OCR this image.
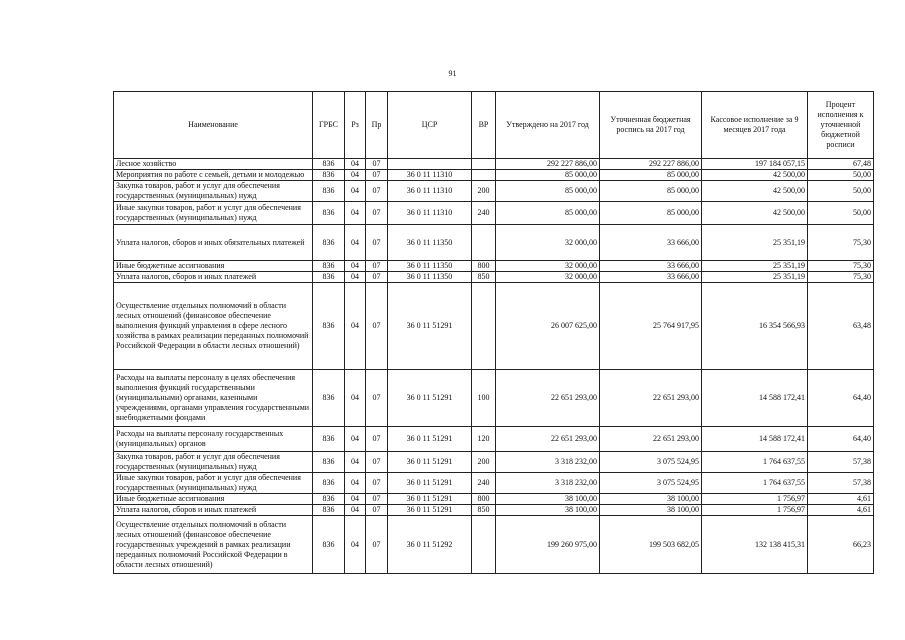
91
Наименование	ГРБС	Рз	Пр	ЦСР	ВР	Утверждено на 2017 год	Уточненная бюджетная роспись на 2017 год	Кассовое исполнение за 9 месяцев 2017 года	Процент исполнения к уточненной бюджетной росписи
Лесное хозяйство	836	04	07			292 227 886,00	292 227 886,00	197 184 057,15	67,48
Мероприятия по работе с семьей, детьми и молодежью	836	04	07	36 0 11 11310		85 000,00	85 000,00	42 500,00	50,00
Закупка товаров, работ и услуг для обеспечения государственных (муниципальных) нужд	836	04	07	36 0 11 11310	200	85 000,00	85 000,00	42 500,00	50,00
Иные закупки товаров, работ и услуг для обеспечения государственных (муниципальных) нужд	836	04	07	36 0 11 11310	240	85 000,00	85 000,00	42 500,00	50,00
Уплата налогов, сборов и иных обязательных платежей	836	04	07	36 0 11 11350		32 000,00	33 666,00	25 351,19	75,30
Иные бюджетные ассигнования	836	04	07	36 0 11 11350	800	32 000,00	33 666,00	25 351,19	75,30
Уплата налогов, сборов и иных платежей	836	04	07	36 0 11 11350	850	32 000,00	33 666,00	25 351,19	75,30
Осуществление отдельных полномочий в области лесных отношений (финансовое обеспечение выполнения функций управления в сфере лесного хозяйства в рамках реализации переданных полномочий Российской Федерации в области лесных отношений)	836	04	07	36 0 11 51291		26 007 625,00	25 764 917,95	16 354 566,93	63,48
Расходы на выплаты персоналу в целях обеспечения выполнения функций государственными (муниципальными) органами, казенными учреждениями, органами управления государственными внебюджетными фондами	836	04	07	36 0 11 51291	100	22 651 293,00	22 651 293,00	14 588 172,41	64,40
Расходы на выплаты персоналу государственных (муниципальных) органов	836	04	07	36 0 11 51291	120	22 651 293,00	22 651 293,00	14 588 172,41	64,40
Закупка товаров, работ и услуг для обеспечения государственных (муниципальных) нужд	836	04	07	36 0 11 51291	200	3 318 232,00	3 075 524,95	1 764 637,55	57,38
Иные закупки товаров, работ и услуг для обеспечения государственных (муниципальных) нужд	836	04	07	36 0 11 51291	240	3 318 232,00	3 075 524,95	1 764 637,55	57,38
Иные бюджетные ассигнования	836	04	07	36 0 11 51291	800	38 100,00	38 100,00	1 756,97	4,61
Уплата налогов, сборов и иных платежей	836	04	07	36 0 11 51291	850	38 100,00	38 100,00	1 756,97	4,61
Осуществление отдельных полномочий в области лесных отношений (финансовое обеспечение государственных учреждений в рамках реализации переданных полномочий Российской Федерации в области лесных отношений)	836	04	07	36 0 11 51292		199 260 975,00	199 503 682,05	132 138 415,31	66,23
